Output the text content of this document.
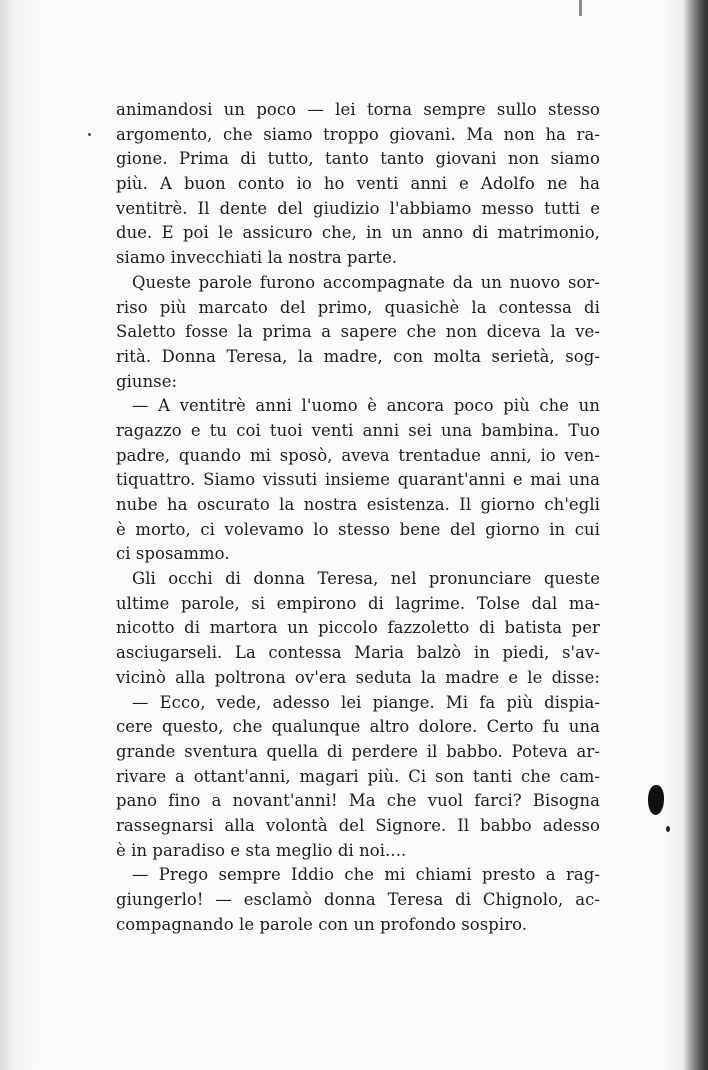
animandosi un poco — lei torna sempre sullo stesso
argomento, che siamo troppo giovani. Ma non ha ra-
gione. Prima di tutto, tanto tanto giovani non siamo
più. A buon conto io ho venti anni e Adolfo ne ha
ventitrè. Il dente del giudizio l'abbiamo messo tutti e
due. E poi le assicuro che, in un anno di matrimonio,
siamo invecchiati la nostra parte.
Queste parole furono accompagnate da un nuovo sor-
riso più marcato del primo, quasichè la contessa di
Saletto fosse la prima a sapere che non diceva la ve-
rità. Donna Teresa, la madre, con molta serietà, sog-
giunse:
— A ventitrè anni l'uomo è ancora poco più che un
ragazzo e tu coi tuoi venti anni sei una bambina. Tuo
padre, quando mi sposò, aveva trentadue anni, io ven-
tiquattro. Siamo vissuti insieme quarant'anni e mai una
nube ha oscurato la nostra esistenza. Il giorno ch'egli
è morto, ci volevamo lo stesso bene del giorno in cui
ci sposammo.
Gli occhi di donna Teresa, nel pronunciare queste
ultime parole, si empirono di lagrime. Tolse dal ma-
nicotto di martora un piccolo fazzoletto di batista per
asciugarseli. La contessa Maria balzò in piedi, s'av-
vicinò alla poltrona ov'era seduta la madre e le disse:
— Ecco, vede, adesso lei piange. Mi fa più dispia-
cere questo, che qualunque altro dolore. Certo fu una
grande sventura quella di perdere il babbo. Poteva ar-
rivare a ottant'anni, magari più. Ci son tanti che cam-
pano fino a novant'anni! Ma che vuol farci? Bisogna
rassegnarsi alla volontà del Signore. Il babbo adesso
è in paradiso e sta meglio di noi....
— Prego sempre Iddio che mi chiami presto a rag-
giungerlo! — esclamò donna Teresa di Chignolo, ac-
compagnando le parole con un profondo sospiro.
